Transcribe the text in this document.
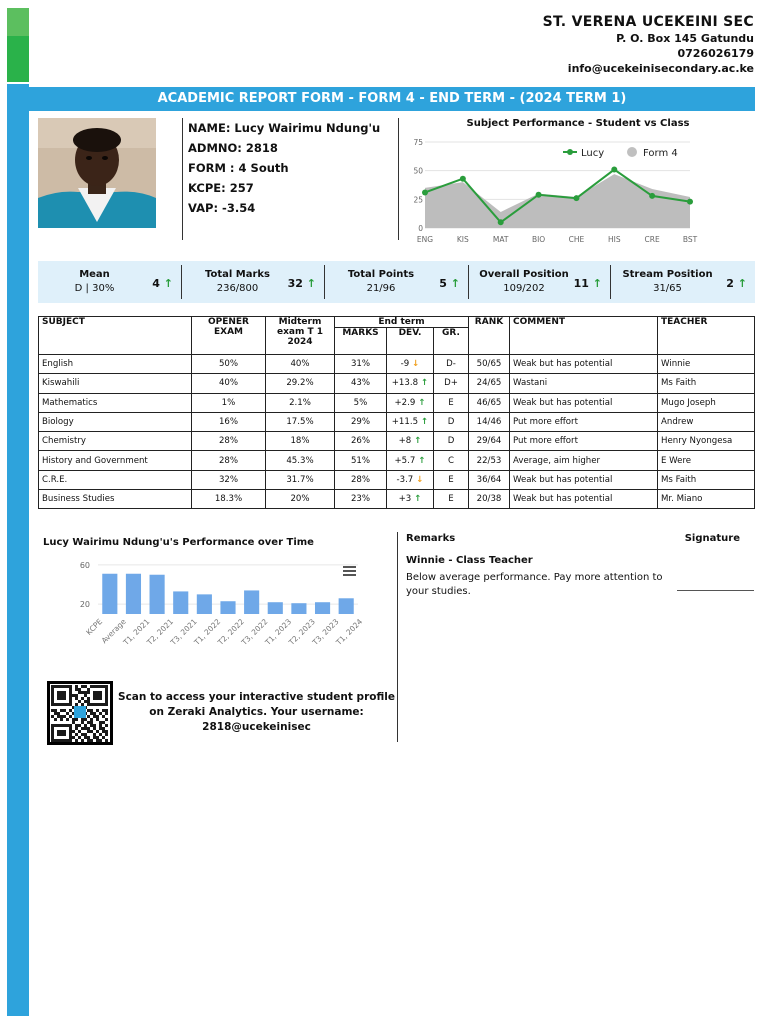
ST. VERENA UCEKEINI SEC
P. O. Box 145 Gatundu
0726026179
info@ucekeinisecondary.ac.ke
ACADEMIC REPORT FORM - FORM 4 - END TERM - (2024 TERM 1)
NAME: Lucy Wairimu Ndung'u
ADMNO: 2818
FORM : 4 South
KCPE: 257
VAP: -3.54
Subject Performance - Student vs Class
0
25
50
75
ENG	KIS	MAT	BIO	CHE	HIS	CRE	BST
Lucy	Form 4
Mean
D | 30%	4 ↑
Total Marks
236/800	32 ↑
Total Points
21/96	5 ↑
Overall Position
109/202	11 ↑
Stream Position
31/65	2 ↑
SUBJECT	OPENER EXAM	Midterm exam T 1 2024	End term			RANK	COMMENT	TEACHER
			MARKS	DEV.	GR.			
English	50%	40%	31%	-9 ↓	D-	50/65	Weak but has potential	Winnie
Kiswahili	40%	29.2%	43%	+13.8 ↑	D+	24/65	Wastani	Ms Faith
Mathematics	1%	2.1%	5%	+2.9 ↑	E	46/65	Weak but has potential	Mugo Joseph
Biology	16%	17.5%	29%	+11.5 ↑	D	14/46	Put more effort	Andrew
Chemistry	28%	18%	26%	+8 ↑	D	29/64	Put more effort	Henry Nyongesa
History and Government	28%	45.3%	51%	+5.7 ↑	C	22/53	Average, aim higher	E Were
C.R.E.	32%	31.7%	28%	-3.7 ↓	E	36/64	Weak but has potential	Ms Faith
Business Studies	18.3%	20%	23%	+3 ↑	E	20/38	Weak but has potential	Mr. Miano
Lucy Wairimu Ndung'u's Performance over Time
20
60
KCPE
Average
T1, 2021
T2, 2021
T3, 2021
T1, 2022
T2, 2022
T3, 2022
T1, 2023
T2, 2023
T3, 2023
T1, 2024
Remarks	Signature
Winnie - Class Teacher
Below average performance. Pay more attention to your studies.
Scan to access your interactive student profile on Zeraki Analytics. Your username: 2818@ucekeinisec
